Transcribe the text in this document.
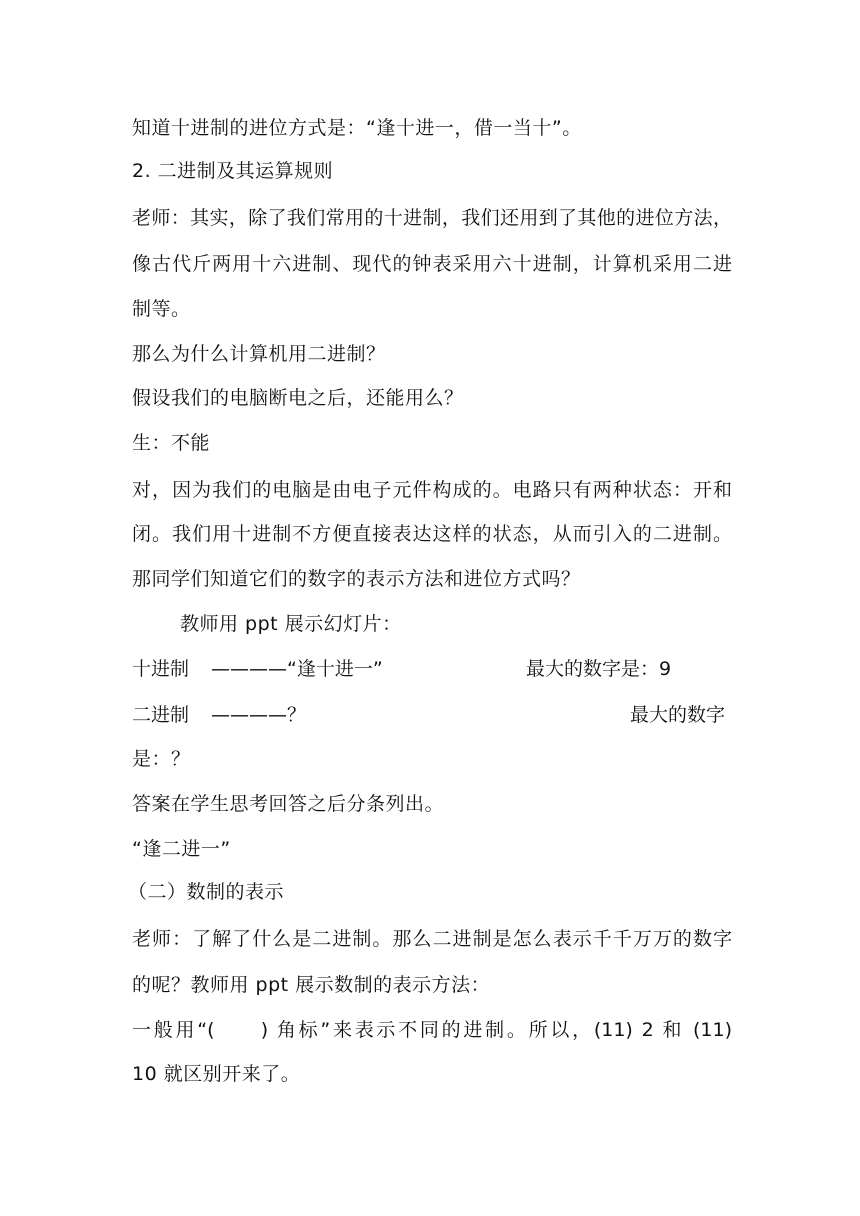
知道十进制的进位方式是：“逢十进一，借一当十”。
2. 二进制及其运算规则
老师：其实，除了我们常用的十进制，我们还用到了其他的进位方法，
像古代斤两用十六进制、现代的钟表采用六十进制，计算机采用二进
制等。
那么为什么计算机用二进制？
假设我们的电脑断电之后，还能用么？
生：不能
对，因为我们的电脑是由电子元件构成的。电路只有两种状态：开和
闭。我们用十进制不方便直接表达这样的状态，从而引入的二进制。
那同学们知道它们的数字的表示方法和进位方式吗？
教师用 ppt 展示幻灯片：
十进制 ————“逢十进一”	最大的数字是：9
二进制 ————？	最大的数字
是：？
答案在学生思考回答之后分条列出。
“逢二进一”
（二）数制的表示
老师：了解了什么是二进制。那么二进制是怎么表示千千万万的数字
的呢？教师用 ppt 展示数制的表示方法：
一般用“(　　) 角标”来表示不同的进制。所以，(11) 2 和 (11)
10 就区别开来了。
